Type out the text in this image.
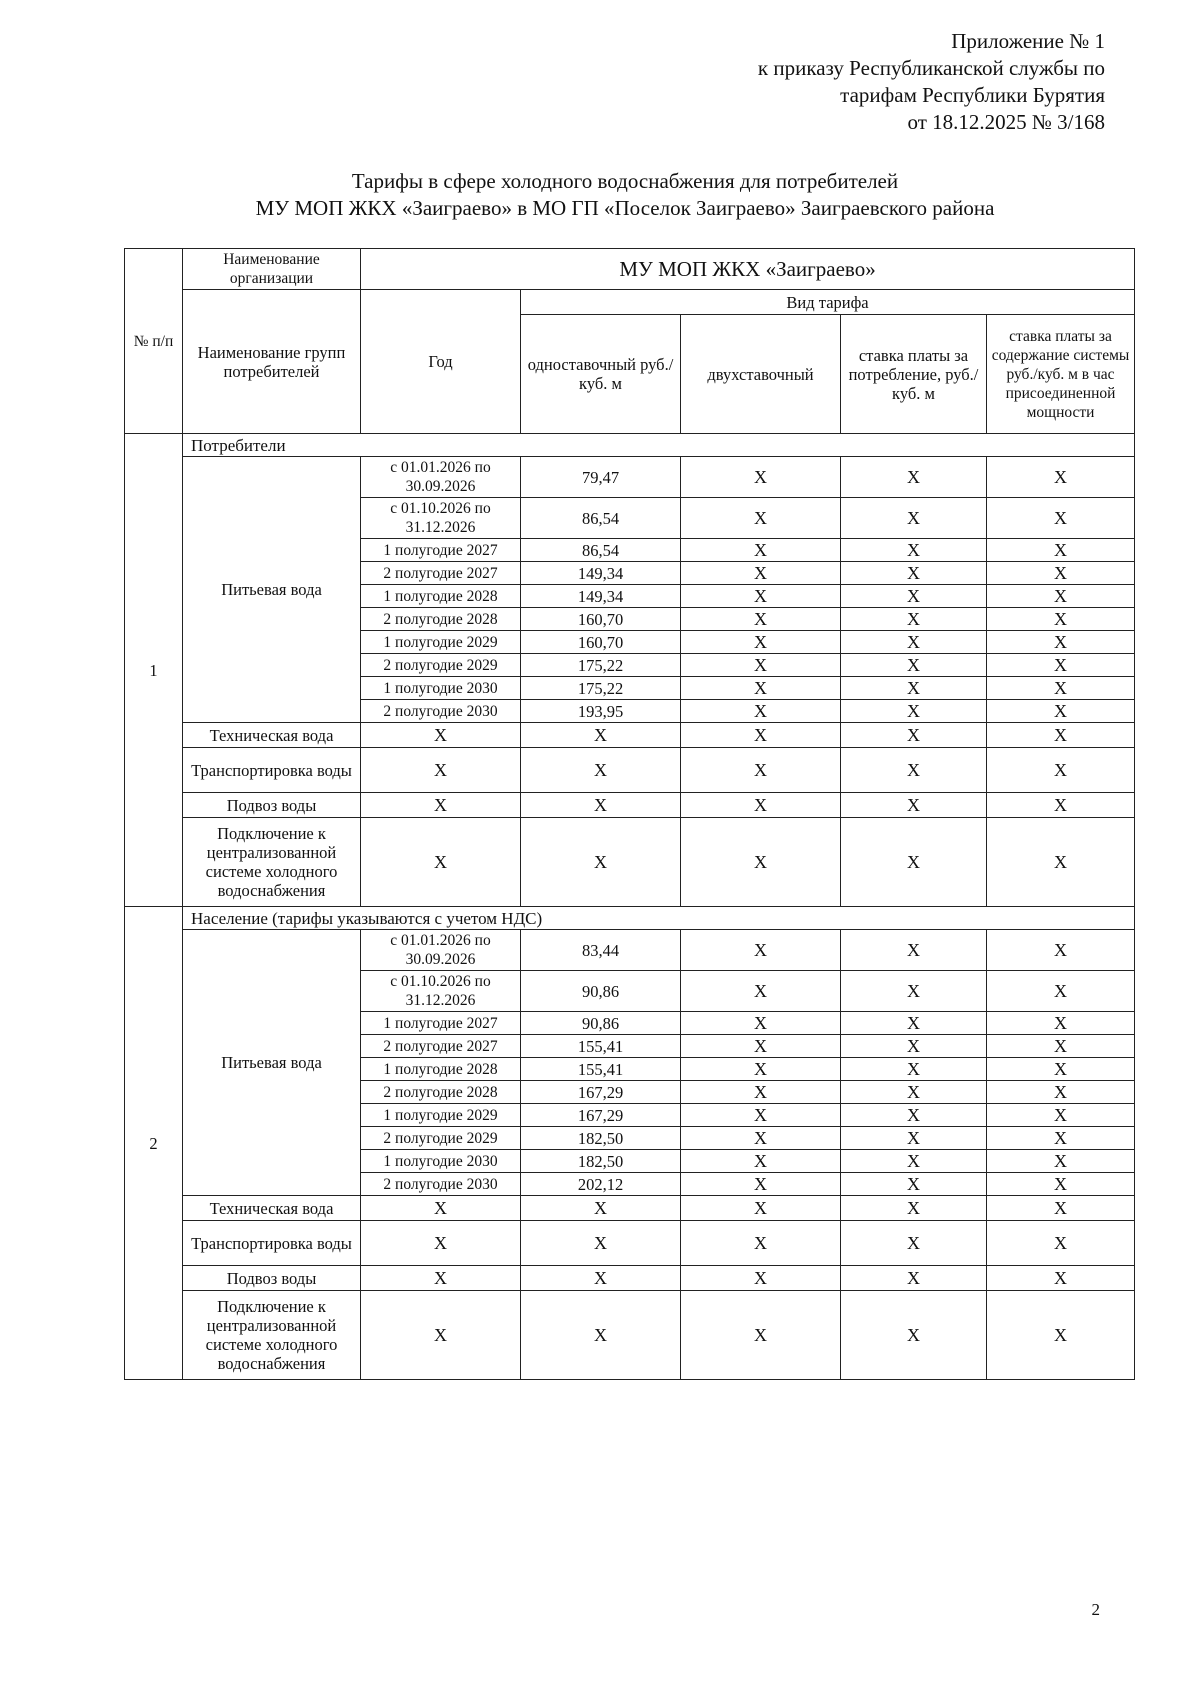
Приложение № 1
к приказу Республиканской службы по
тарифам Республики Бурятия
от 18.12.2025 № 3/168
Тарифы в сфере холодного водоснабжения для потребителей
МУ МОП ЖКХ «Заиграево» в МО ГП «Поселок Заиграево» Заиграевского района
№ п/п	Наименование организации	МУ МОП ЖКХ «Заиграево»				
	Наименование групп потребителей	Год	Вид тарифа			
			одноставочный руб./ куб. м	двухставочный	ставка платы за потребление, руб./ куб. м	ставка платы за содержание системы руб./куб. м в час присоединенной мощности
1	Потребители					
	Питьевая вода	с 01.01.2026 по 30.09.2026	79,47	X	X	X
		с 01.10.2026 по 31.12.2026	86,54	X	X	X
		1 полугодие 2027	86,54	X	X	X
		2 полугодие 2027	149,34	X	X	X
		1 полугодие 2028	149,34	X	X	X
		2 полугодие 2028	160,70	X	X	X
		1 полугодие 2029	160,70	X	X	X
		2 полугодие 2029	175,22	X	X	X
		1 полугодие 2030	175,22	X	X	X
		2 полугодие 2030	193,95	X	X	X
	Техническая вода	X	X	X	X	X
	Транспортировка воды	X	X	X	X	X
	Подвоз воды	X	X	X	X	X
	Подключение к централизованной системе холодного водоснабжения	X	X	X	X	X
2	Население (тарифы указываются с учетом НДС)					
	Питьевая вода	с 01.01.2026 по 30.09.2026	83,44	X	X	X
		с 01.10.2026 по 31.12.2026	90,86	X	X	X
		1 полугодие 2027	90,86	X	X	X
		2 полугодие 2027	155,41	X	X	X
		1 полугодие 2028	155,41	X	X	X
		2 полугодие 2028	167,29	X	X	X
		1 полугодие 2029	167,29	X	X	X
		2 полугодие 2029	182,50	X	X	X
		1 полугодие 2030	182,50	X	X	X
		2 полугодие 2030	202,12	X	X	X
	Техническая вода	X	X	X	X	X
	Транспортировка воды	X	X	X	X	X
	Подвоз воды	X	X	X	X	X
	Подключение к централизованной системе холодного водоснабжения	X	X	X	X	X
2
